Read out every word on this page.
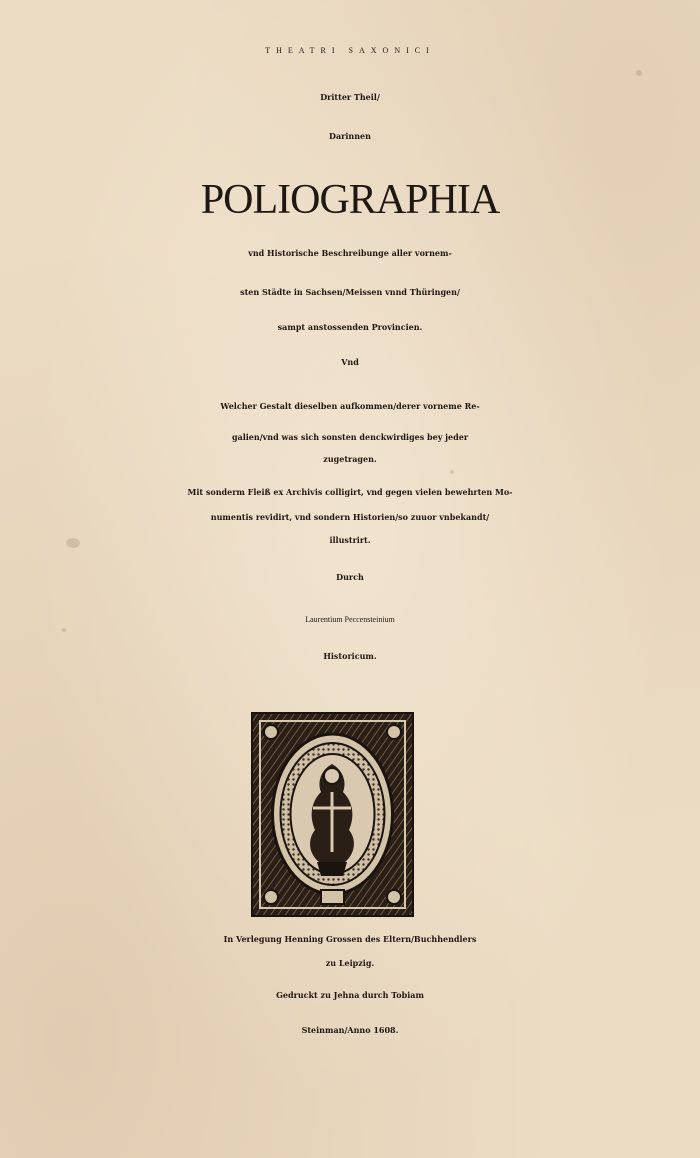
THEATRI SAXONICI
Dritter Theil/
Darinnen
POLIOGRAPHIA
vnd Historische Beschreibunge aller vornem-
sten Städte in Sachsen/Meissen vnnd Thüringen/
sampt anstossenden Provincien.
Vnd
Welcher Gestalt dieselben aufkommen/derer vorneme Re-
galien/vnd was sich sonsten denckwirdiges bey jeder
zugetragen.
Mit sonderm Fleiß ex Archivis colligirt, vnd gegen vielen bewehrten Mo-
numentis revidirt, vnd sondern Historien/so zuuor vnbekandt/
illustrirt.
Durch
Laurentium Peccensteinium
Historicum.
In Verlegung Henning Grossen des Eltern/Buchhendlers
zu Leipzig.
Gedruckt zu Jehna durch Tobiam
Steinman/Anno 1608.
